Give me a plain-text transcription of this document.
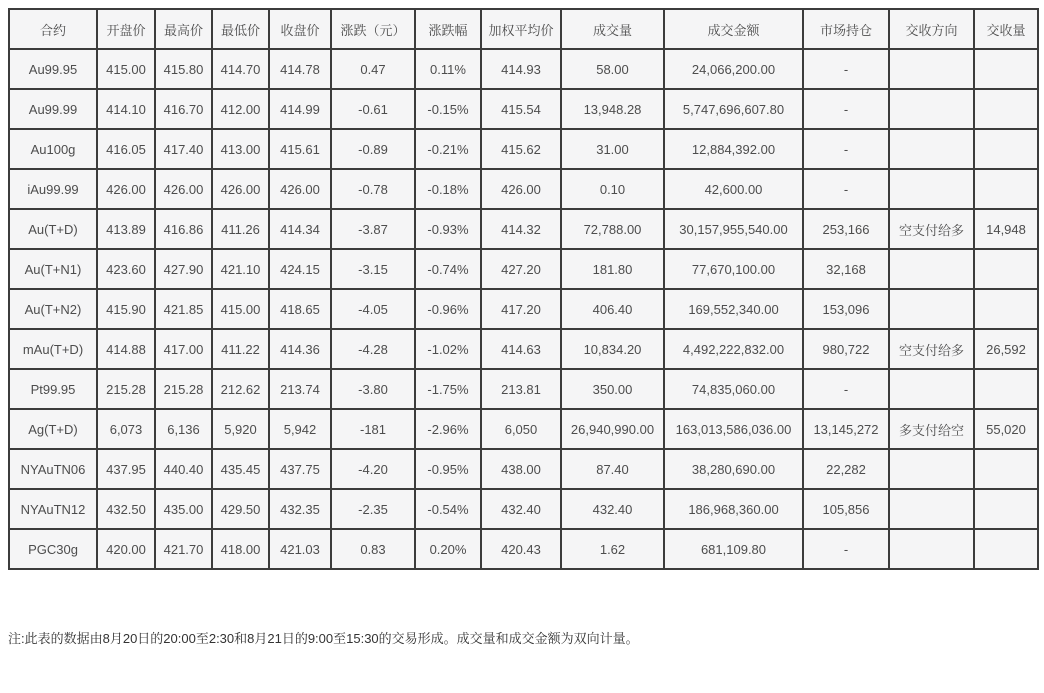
合约	开盘价	最高价	最低价	收盘价	涨跌（元）	涨跌幅	加权平均价	成交量	成交金额	市场持仓	交收方向	交收量
Au99.95	415.00	415.80	414.70	414.78	0.47	0.11%	414.93	58.00	24,066,200.00	-		
Au99.99	414.10	416.70	412.00	414.99	-0.61	-0.15%	415.54	13,948.28	5,747,696,607.80	-		
Au100g	416.05	417.40	413.00	415.61	-0.89	-0.21%	415.62	31.00	12,884,392.00	-		
iAu99.99	426.00	426.00	426.00	426.00	-0.78	-0.18%	426.00	0.10	42,600.00	-		
Au(T+D)	413.89	416.86	411.26	414.34	-3.87	-0.93%	414.32	72,788.00	30,157,955,540.00	253,166	空支付给多	14,948
Au(T+N1)	423.60	427.90	421.10	424.15	-3.15	-0.74%	427.20	181.80	77,670,100.00	32,168		
Au(T+N2)	415.90	421.85	415.00	418.65	-4.05	-0.96%	417.20	406.40	169,552,340.00	153,096		
mAu(T+D)	414.88	417.00	411.22	414.36	-4.28	-1.02%	414.63	10,834.20	4,492,222,832.00	980,722	空支付给多	26,592
Pt99.95	215.28	215.28	212.62	213.74	-3.80	-1.75%	213.81	350.00	74,835,060.00	-		
Ag(T+D)	6,073	6,136	5,920	5,942	-181	-2.96%	6,050	26,940,990.00	163,013,586,036.00	13,145,272	多支付给空	55,020
NYAuTN06	437.95	440.40	435.45	437.75	-4.20	-0.95%	438.00	87.40	38,280,690.00	22,282		
NYAuTN12	432.50	435.00	429.50	432.35	-2.35	-0.54%	432.40	432.40	186,968,360.00	105,856		
PGC30g	420.00	421.70	418.00	421.03	0.83	0.20%	420.43	1.62	681,109.80	-		

注:此表的数据由8月20日的20:00至2:30和8月21日的9:00至15:30的交易形成。成交量和成交金额为双向计量。
